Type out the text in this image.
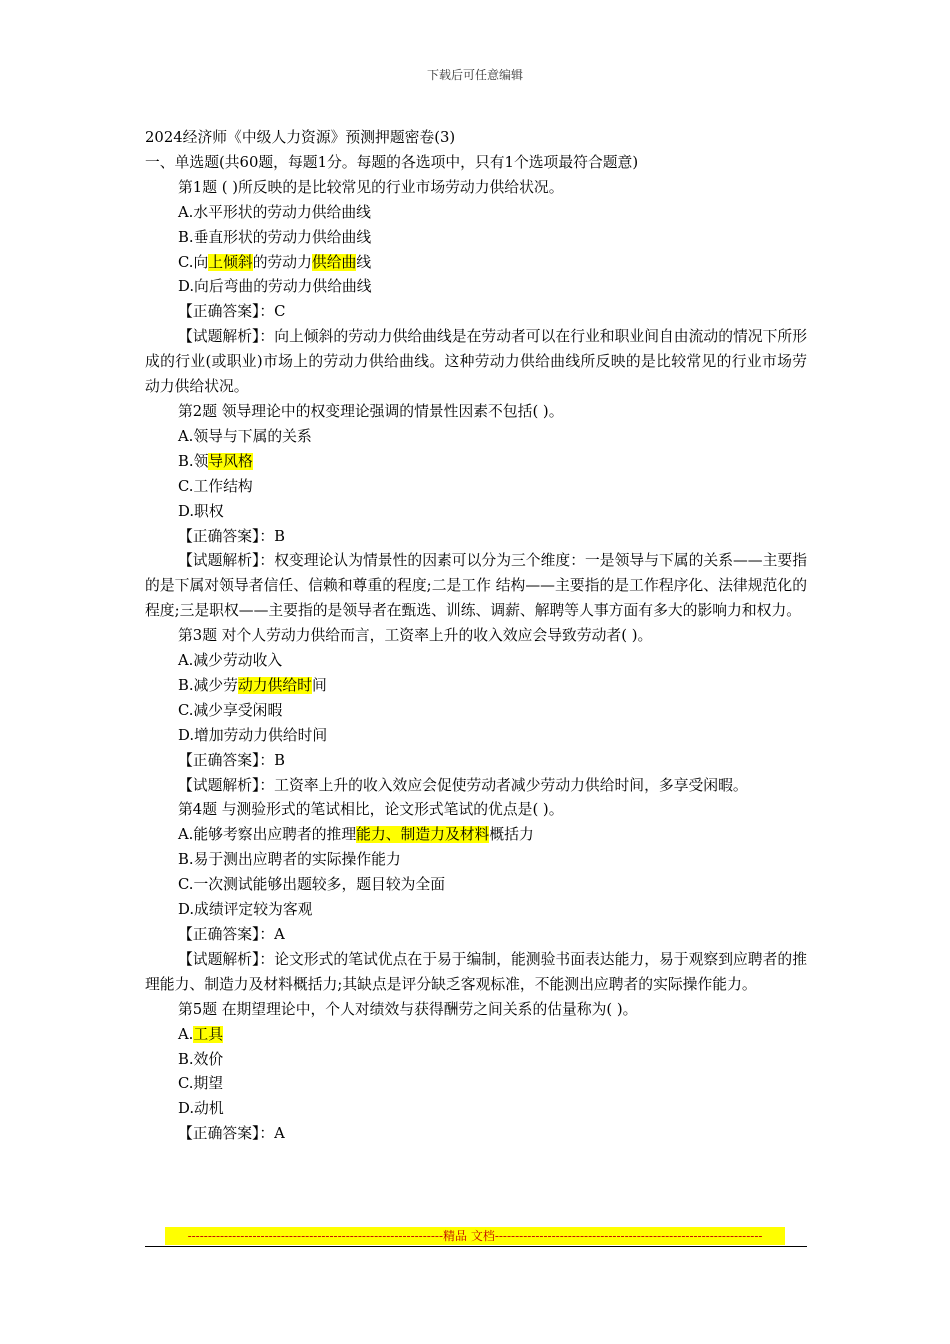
下载后可任意编辑

2024经济师《中级人力资源》预测押题密卷(3)

一、单选题(共60题，每题1分。每题的各选项中，只有1个选项最符合题意)

第1题 ( )所反映的是比较常见的行业市场劳动力供给状况。

A.水平形状的劳动力供给曲线

B.垂直形状的劳动力供给曲线

C.向上倾斜的劳动力供给曲线

D.向后弯曲的劳动力供给曲线

【正确答案】：C

【试题解析】：向上倾斜的劳动力供给曲线是在劳动者可以在行业和职业间自由流动的情况下所形成的行业(或职业)市场上的劳动力供给曲线。这种劳动力供给曲线所反映的是比较常见的行业市场劳动力供给状况。

第2题 领导理论中的权变理论强调的情景性因素不包括( )。

A.领导与下属的关系

B.领导风格

C.工作结构

D.职权

【正确答案】：B

【试题解析】：权变理论认为情景性的因素可以分为三个维度：一是领导与下属的关系——主要指的是下属对领导者信任、信赖和尊重的程度;二是工作 结构——主要指的是工作程序化、法律规范化的程度;三是职权——主要指的是领导者在甄选、训练、调薪、解聘等人事方面有多大的影响力和权力。

第3题 对个人劳动力供给而言，工资率上升的收入效应会导致劳动者( )。

A.减少劳动收入

B.减少劳动力供给时间

C.减少享受闲暇

D.增加劳动力供给时间

【正确答案】：B

【试题解析】：工资率上升的收入效应会促使劳动者减少劳动力供给时间，多享受闲暇。

第4题 与测验形式的笔试相比，论文形式笔试的优点是( )。

A.能够考察出应聘者的推理能力、制造力及材料概括力

B.易于测出应聘者的实际操作能力

C.一次测试能够出题较多，题目较为全面

D.成绩评定较为客观

【正确答案】：A

【试题解析】：论文形式的笔试优点在于易于编制，能测验书面表达能力，易于观察到应聘者的推理能力、制造力及材料概括力;其缺点是评分缺乏客观标准，不能测出应聘者的实际操作能力。

第5题 在期望理论中，个人对绩效与获得酬劳之间关系的估量称为( )。

A.工具

B.效价

C.期望

D.动机

【正确答案】：A

---------------------------------------------------------------精品 文档------------------------------------------------------------------
